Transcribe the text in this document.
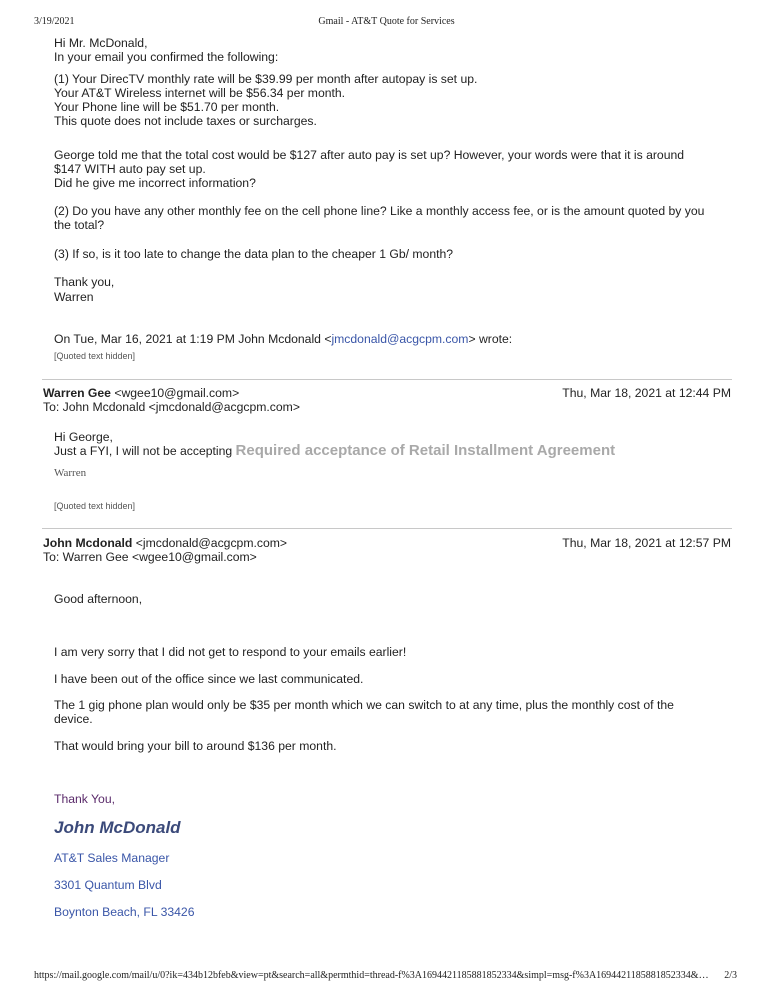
3/19/2021	Gmail - AT&T Quote for Services
Hi Mr. McDonald,
In your email you confirmed the following:
(1) Your DirecTV monthly rate will be $39.99 per month after autopay is set up.
Your AT&T Wireless internet will be $56.34 per month.
Your Phone line will be $51.70 per month.
This quote does not include taxes or surcharges.
George told me that the total cost would be $127 after auto pay is set up? However, your words were that it is around
$147 WITH auto pay set up.
Did he give me incorrect information?
(2) Do you have any other monthly fee on the cell phone line? Like a monthly access fee, or is the amount quoted by you
the total?
(3) If so, is it too late to change the data plan to the cheaper 1 Gb/ month?
Thank you,
Warren
On Tue, Mar 16, 2021 at 1:19 PM John Mcdonald <jmcdonald@acgcpm.com> wrote:
[Quoted text hidden]
Warren Gee <wgee10@gmail.com>	Thu, Mar 18, 2021 at 12:44 PM
To: John Mcdonald <jmcdonald@acgcpm.com>
Hi George,
Just a FYI, I will not be accepting Required acceptance of Retail Installment Agreement
Warren
[Quoted text hidden]
John Mcdonald <jmcdonald@acgcpm.com>	Thu, Mar 18, 2021 at 12:57 PM
To: Warren Gee <wgee10@gmail.com>
Good afternoon,
I am very sorry that I did not get to respond to your emails earlier!
I have been out of the office since we last communicated.
The 1 gig phone plan would only be $35 per month which we can switch to at any time, plus the monthly cost of the
device.
That would bring your bill to around $136 per month.
Thank You,
John McDonald
AT&T Sales Manager
3301 Quantum Blvd
Boynton Beach, FL 33426
https://mail.google.com/mail/u/0?ik=434b12bfeb&view=pt&search=all&permthid=thread-f%3A1694421185881852334&simpl=msg-f%3A1694421185881852334&… 2/3
